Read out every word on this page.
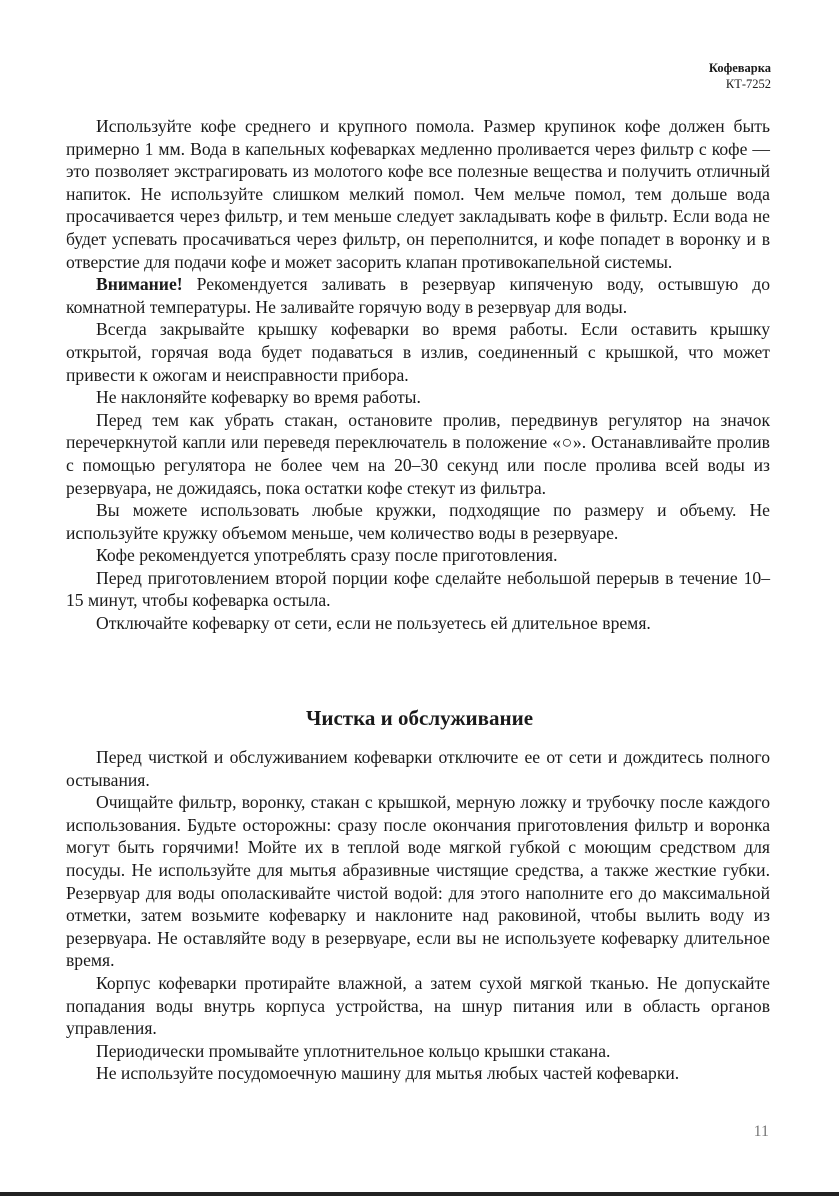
Кофеварка
КТ-7252

Используйте кофе среднего и крупного помола. Размер крупинок кофе должен быть примерно 1 мм. Вода в капельных кофеварках медленно проливается через фильтр с кофе — это позволяет экстрагировать из молотого кофе все полезные вещества и получить отличный напиток. Не используйте слишком мелкий помол. Чем мельче помол, тем дольше вода просачивается через фильтр, и тем меньше следует закладывать кофе в фильтр. Если вода не будет успевать просачиваться через фильтр, он переполнится, и кофе попадет в воронку и в отверстие для подачи кофе и может засорить клапан противокапельной системы.

Внимание! Рекомендуется заливать в резервуар кипяченую воду, остывшую до комнатной температуры. Не заливайте горячую воду в резервуар для воды.

Всегда закрывайте крышку кофеварки во время работы. Если оставить крышку открытой, горячая вода будет подаваться в излив, соединенный с крышкой, что может привести к ожогам и неисправности прибора.

Не наклоняйте кофеварку во время работы.

Перед тем как убрать стакан, остановите пролив, передвинув регулятор на значок перечеркнутой капли или переведя переключатель в положение «○». Останавливайте пролив с помощью регулятора не более чем на 20–30 секунд или после пролива всей воды из резервуара, не дожидаясь, пока остатки кофе стекут из фильтра.

Вы можете использовать любые кружки, подходящие по размеру и объему. Не используйте кружку объемом меньше, чем количество воды в резервуаре.

Кофе рекомендуется употреблять сразу после приготовления.

Перед приготовлением второй порции кофе сделайте небольшой перерыв в течение 10–15 минут, чтобы кофеварка остыла.

Отключайте кофеварку от сети, если не пользуетесь ей длительное время.

Чистка и обслуживание

Перед чисткой и обслуживанием кофеварки отключите ее от сети и дождитесь полного остывания.

Очищайте фильтр, воронку, стакан с крышкой, мерную ложку и трубочку после каждого использования. Будьте осторожны: сразу после окончания приготовления фильтр и воронка могут быть горячими! Мойте их в теплой воде мягкой губкой с моющим средством для посуды. Не используйте для мытья абразивные чистящие средства, а также жесткие губки. Резервуар для воды ополаскивайте чистой водой: для этого наполните его до максимальной отметки, затем возьмите кофеварку и наклоните над раковиной, чтобы вылить воду из резервуара. Не оставляйте воду в резервуаре, если вы не используете кофеварку длительное время.

Корпус кофеварки протирайте влажной, а затем сухой мягкой тканью. Не допускайте попадания воды внутрь корпуса устройства, на шнур питания или в область органов управления.

Периодически промывайте уплотнительное кольцо крышки стакана.

Не используйте посудомоечную машину для мытья любых частей кофеварки.

11
